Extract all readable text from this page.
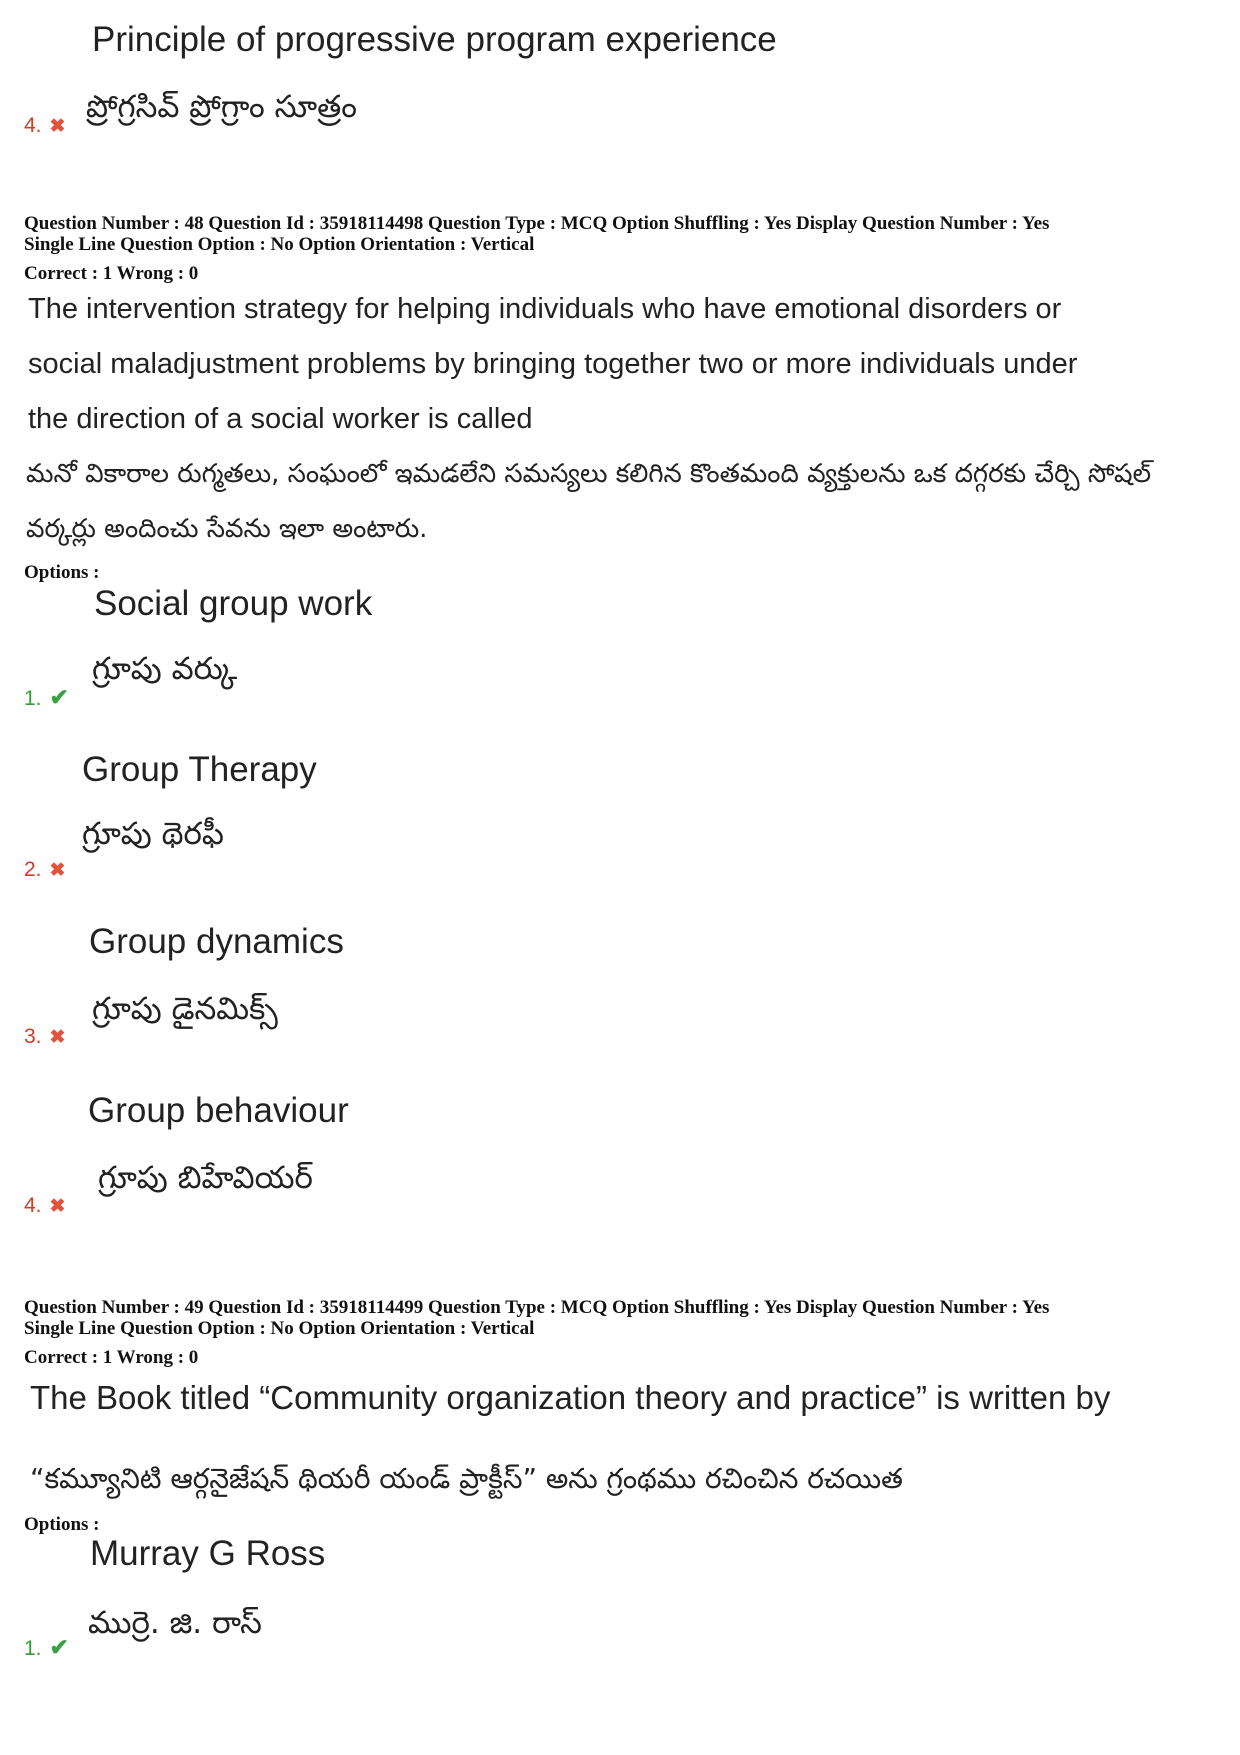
Principle of progressive program experience
ప్రోగ్రసివ్ ప్రోగ్రాం సూత్రం
4. ✖
Question Number : 48 Question Id : 35918114498 Question Type : MCQ Option Shuffling : Yes Display Question Number : Yes
Single Line Question Option : No Option Orientation : Vertical
Correct : 1 Wrong : 0
The intervention strategy for helping individuals who have emotional disorders or
social maladjustment problems by bringing together two or more individuals under
the direction of a social worker is called
మనో వికారాల రుగ్మతలు, సంఘంలో ఇమడలేని సమస్యలు కలిగిన కొంతమంది వ్యక్తులను ఒక దగ్గరకు చేర్చి సోషల్
వర్కర్లు అందించు సేవను ఇలా అంటారు.
Options :
Social group work
గ్రూపు వర్కు
1. ✔
Group Therapy
గ్రూపు థెరఫీ
2. ✖
Group dynamics
గ్రూపు డైనమిక్స్
3. ✖
Group behaviour
గ్రూపు బిహేవియర్
4. ✖
Question Number : 49 Question Id : 35918114499 Question Type : MCQ Option Shuffling : Yes Display Question Number : Yes
Single Line Question Option : No Option Orientation : Vertical
Correct : 1 Wrong : 0
The Book titled “Community organization theory and practice” is written by
“కమ్యూనిటి ఆర్గనైజేషన్ థియరీ యండ్ ప్రాక్టీస్” అను గ్రంథము రచించిన రచయిత
Options :
Murray G Ross
ముర్రె. జి. రాస్
1. ✔
